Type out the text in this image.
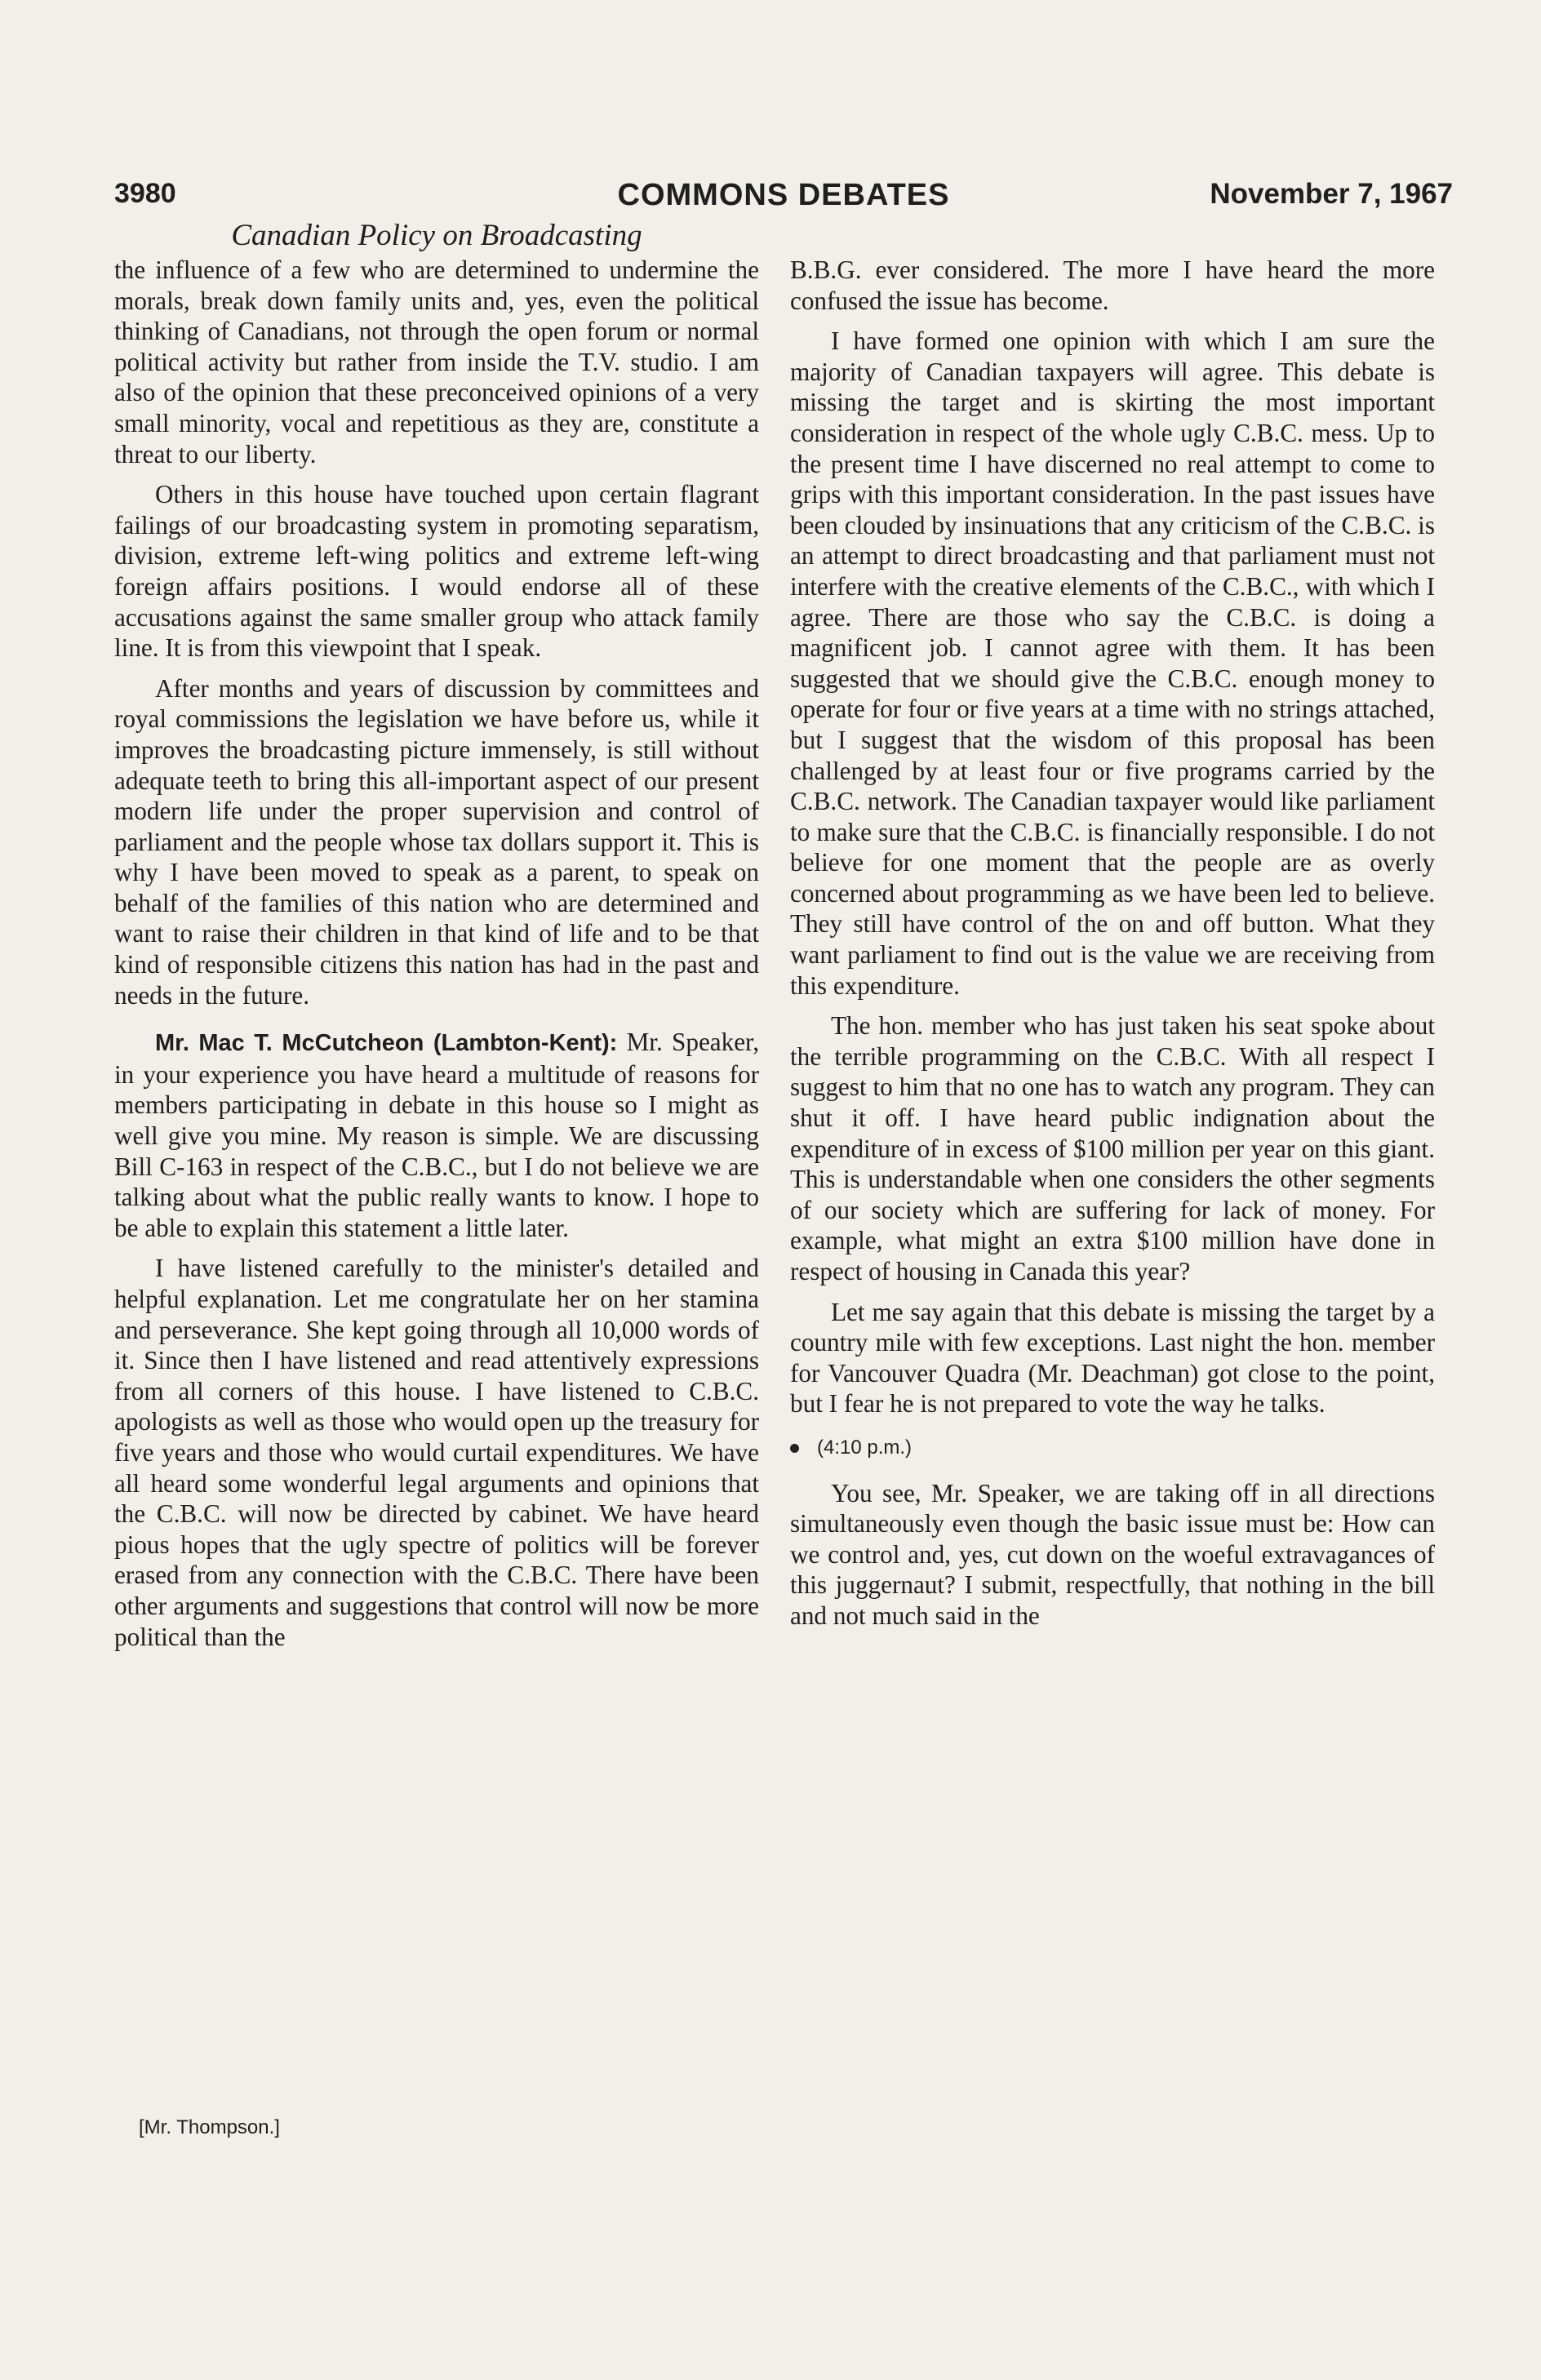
3980	COMMONS DEBATES	November 7, 1967
Canadian Policy on Broadcasting

the influence of a few who are determined to undermine the morals, break down family units and, yes, even the political thinking of Canadians, not through the open forum or normal political activity but rather from inside the T.V. studio. I am also of the opinion that these preconceived opinions of a very small minority, vocal and repetitious as they are, constitute a threat to our liberty.

Others in this house have touched upon certain flagrant failings of our broadcasting system in promoting separatism, division, extreme left-wing politics and extreme left-wing foreign affairs positions. I would endorse all of these accusations against the same smaller group who attack family line. It is from this viewpoint that I speak.

After months and years of discussion by committees and royal commissions the legislation we have before us, while it improves the broadcasting picture immensely, is still without adequate teeth to bring this all-important aspect of our present modern life under the proper supervision and control of parliament and the people whose tax dollars support it. This is why I have been moved to speak as a parent, to speak on behalf of the families of this nation who are determined and want to raise their children in that kind of life and to be that kind of responsible citizens this nation has had in the past and needs in the future.

Mr. Mac T. McCutcheon (Lambton-Kent): Mr. Speaker, in your experience you have heard a multitude of reasons for members participating in debate in this house so I might as well give you mine. My reason is simple. We are discussing Bill C-163 in respect of the C.B.C., but I do not believe we are talking about what the public really wants to know. I hope to be able to explain this statement a little later.

I have listened carefully to the minister's detailed and helpful explanation. Let me congratulate her on her stamina and perseverance. She kept going through all 10,000 words of it. Since then I have listened and read attentively expressions from all corners of this house. I have listened to C.B.C. apologists as well as those who would open up the treasury for five years and those who would curtail expenditures. We have all heard some wonderful legal arguments and opinions that the C.B.C. will now be directed by cabinet. We have heard pious hopes that the ugly spectre of politics will be forever erased from any connection with the C.B.C. There have been other arguments and suggestions that control will now be more political than the

B.B.G. ever considered. The more I have heard the more confused the issue has become.

I have formed one opinion with which I am sure the majority of Canadian taxpayers will agree. This debate is missing the target and is skirting the most important consideration in respect of the whole ugly C.B.C. mess. Up to the present time I have discerned no real attempt to come to grips with this important consideration. In the past issues have been clouded by insinuations that any criticism of the C.B.C. is an attempt to direct broadcasting and that parliament must not interfere with the creative elements of the C.B.C., with which I agree. There are those who say the C.B.C. is doing a magnificent job. I cannot agree with them. It has been suggested that we should give the C.B.C. enough money to operate for four or five years at a time with no strings attached, but I suggest that the wisdom of this proposal has been challenged by at least four or five programs carried by the C.B.C. network. The Canadian taxpayer would like parliament to make sure that the C.B.C. is financially responsible. I do not believe for one moment that the people are as overly concerned about programming as we have been led to believe. They still have control of the on and off button. What they want parliament to find out is the value we are receiving from this expenditure.

The hon. member who has just taken his seat spoke about the terrible programming on the C.B.C. With all respect I suggest to him that no one has to watch any program. They can shut it off. I have heard public indignation about the expenditure of in excess of $100 million per year on this giant. This is understandable when one considers the other segments of our society which are suffering for lack of money. For example, what might an extra $100 million have done in respect of housing in Canada this year?

Let me say again that this debate is missing the target by a country mile with few exceptions. Last night the hon. member for Vancouver Quadra (Mr. Deachman) got close to the point, but I fear he is not prepared to vote the way he talks.

(4:10 p.m.)

You see, Mr. Speaker, we are taking off in all directions simultaneously even though the basic issue must be: How can we control and, yes, cut down on the woeful extravagances of this juggernaut? I submit, respectfully, that nothing in the bill and not much said in the

[Mr. Thompson.]
